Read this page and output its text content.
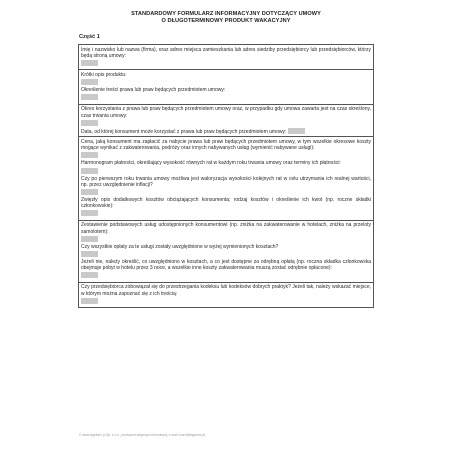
STANDARDOWY FORMULARZ INFORMACYJNY DOTYCZĄCY UMOWY
O DŁUGOTERMINOWY PRODUKT WAKACYJNY
Część 1
Imię i nazwisko lub nazwa (firma), oraz adres miejsca zamieszkania lub adres siedziby przedsiębiorcy lub przedsiębiorców, którzy będą stroną umowy:
Krótki opis produktu:
Określenie treści prawa lub praw będących przedmiotem umowy:
Okres korzystania z prawa lub praw będących przedmiotem umowy oraz, w przypadku gdy umowa zawarta jest na czas określony, czas trwania umowy:
Data, od której konsument może korzystać z prawa lub praw będących przedmiotem umowy:
Cena, jaką konsument ma zapłacić za nabycie prawa lub praw będących przedmiotem umowy, w tym wszelkie okresowe koszty mogące wynikać z zakwaterowania, podróży oraz innych nabywanych usług (wymienić nabywane usługi):
Harmonogram płatności, określający wysokość równych rat w każdym roku trwania umowy oraz terminy ich płatności:
Czy po pierwszym roku trwania umowy możliwa jest waloryzacja wysokości kolejnych rat w celu utrzymania ich realnej wartości, np. przez uwzględnienie inflacji?
Zwięzły opis dodatkowych kosztów obciążających konsumenta; rodzaj kosztów i określenie ich kwot (np. roczne składki członkowskie):
Zestawienie podstawowych usług udostępnionych konsumentowi (np. zniżka na zakwaterowanie w hotelach, zniżka na przeloty samolotem):
Czy wszystkie opłaty za te usługi zostały uwzględnione w wyżej wymienionych kosztach?
Jeżeli nie, należy określić, co uwzględniono w kosztach, a co jest dostępne za odrębną opłatą (np. roczna składka członkowska obejmuje pobyt w hotelu przez 3 noce, a wszelkie inne koszty zakwaterowania muszą zostać odrębnie opłacone):
Czy przedsiębiorca zobowiązał się do przestrzegania kodeksu lub kodeksów dobrych praktyk? Jeżeli tak, należy wskazać miejsce, w którym można zapoznać się z ich treścią:
© www.signform.pl Sp. z o.o., producent aktywnych formularzy, e-mail: biuro@signform.pl
